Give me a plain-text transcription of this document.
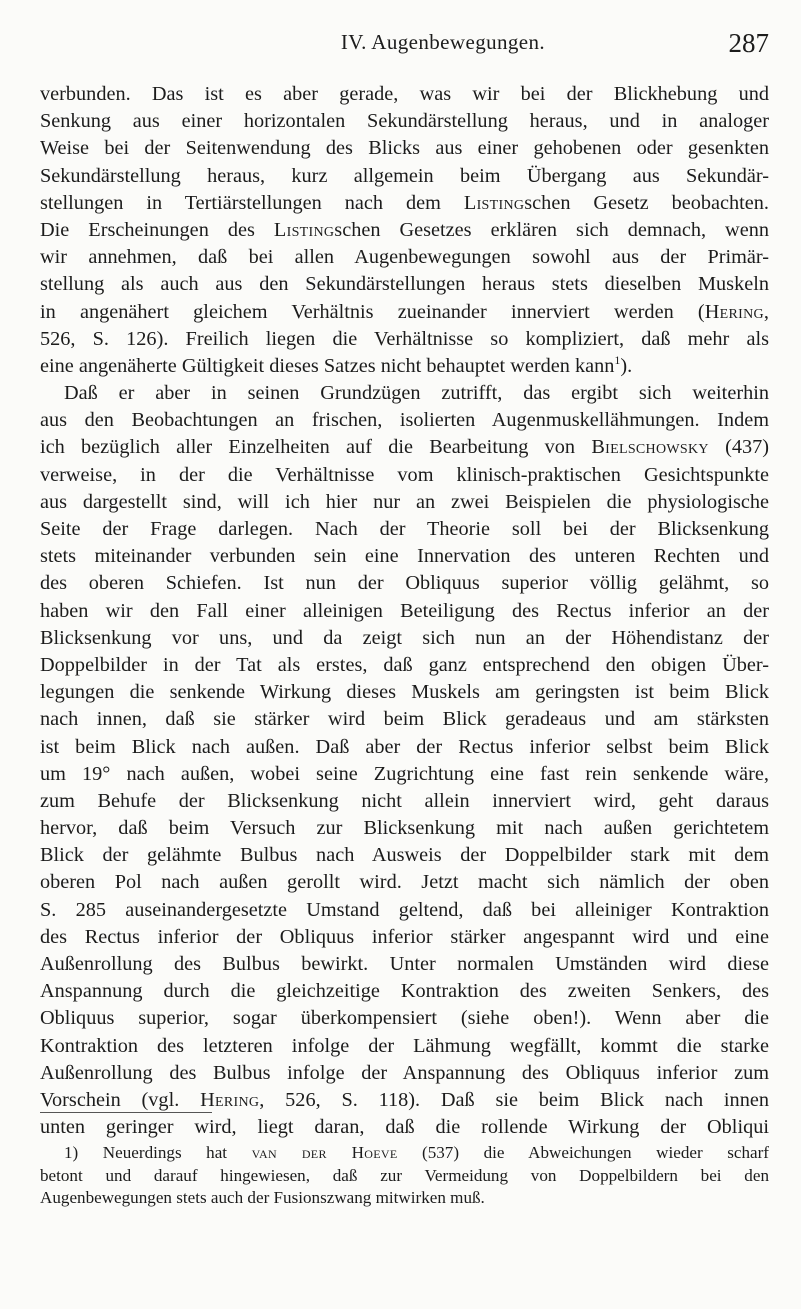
IV. Augenbewegungen.	287
verbunden. Das ist es aber gerade, was wir bei der Blickhebung und
Senkung aus einer horizontalen Sekundärstellung heraus, und in analoger
Weise bei der Seitenwendung des Blicks aus einer gehobenen oder gesenkten
Sekundärstellung heraus, kurz allgemein beim Übergang aus Sekundär-
stellungen in Tertiärstellungen nach dem Listingschen Gesetz beobachten.
Die Erscheinungen des Listingschen Gesetzes erklären sich demnach, wenn
wir annehmen, daß bei allen Augenbewegungen sowohl aus der Primär-
stellung als auch aus den Sekundärstellungen heraus stets dieselben Muskeln
in angenähert gleichem Verhältnis zueinander innerviert werden (Hering,
526, S. 126). Freilich liegen die Verhältnisse so kompliziert, daß mehr als
eine angenäherte Gültigkeit dieses Satzes nicht behauptet werden kann$^1$).
Daß er aber in seinen Grundzügen zutrifft, das ergibt sich weiterhin
aus den Beobachtungen an frischen, isolierten Augenmuskellähmungen. Indem
ich bezüglich aller Einzelheiten auf die Bearbeitung von Bielschowsky (437)
verweise, in der die Verhältnisse vom klinisch-praktischen Gesichtspunkte
aus dargestellt sind, will ich hier nur an zwei Beispielen die physiologische
Seite der Frage darlegen. Nach der Theorie soll bei der Blicksenkung
stets miteinander verbunden sein eine Innervation des unteren Rechten und
des oberen Schiefen. Ist nun der Obliquus superior völlig gelähmt, so
haben wir den Fall einer alleinigen Beteiligung des Rectus inferior an der
Blicksenkung vor uns, und da zeigt sich nun an der Höhendistanz der
Doppelbilder in der Tat als erstes, daß ganz entsprechend den obigen Über-
legungen die senkende Wirkung dieses Muskels am geringsten ist beim Blick
nach innen, daß sie stärker wird beim Blick geradeaus und am stärksten
ist beim Blick nach außen. Daß aber der Rectus inferior selbst beim Blick
um 19° nach außen, wobei seine Zugrichtung eine fast rein senkende wäre,
zum Behufe der Blicksenkung nicht allein innerviert wird, geht daraus
hervor, daß beim Versuch zur Blicksenkung mit nach außen gerichtetem
Blick der gelähmte Bulbus nach Ausweis der Doppelbilder stark mit dem
oberen Pol nach außen gerollt wird. Jetzt macht sich nämlich der oben
S. 285 auseinandergesetzte Umstand geltend, daß bei alleiniger Kontraktion
des Rectus inferior der Obliquus inferior stärker angespannt wird und eine
Außenrollung des Bulbus bewirkt. Unter normalen Umständen wird diese
Anspannung durch die gleichzeitige Kontraktion des zweiten Senkers, des
Obliquus superior, sogar überkompensiert (siehe oben!). Wenn aber die
Kontraktion des letzteren infolge der Lähmung wegfällt, kommt die starke
Außenrollung des Bulbus infolge der Anspannung des Obliquus inferior zum
Vorschein (vgl. Hering, 526, S. 118). Daß sie beim Blick nach innen
unten geringer wird, liegt daran, daß die rollende Wirkung der Obliqui
1) Neuerdings hat van der Hoeve (537) die Abweichungen wieder scharf
betont und darauf hingewiesen, daß zur Vermeidung von Doppelbildern bei den
Augenbewegungen stets auch der Fusionszwang mitwirken muß.
